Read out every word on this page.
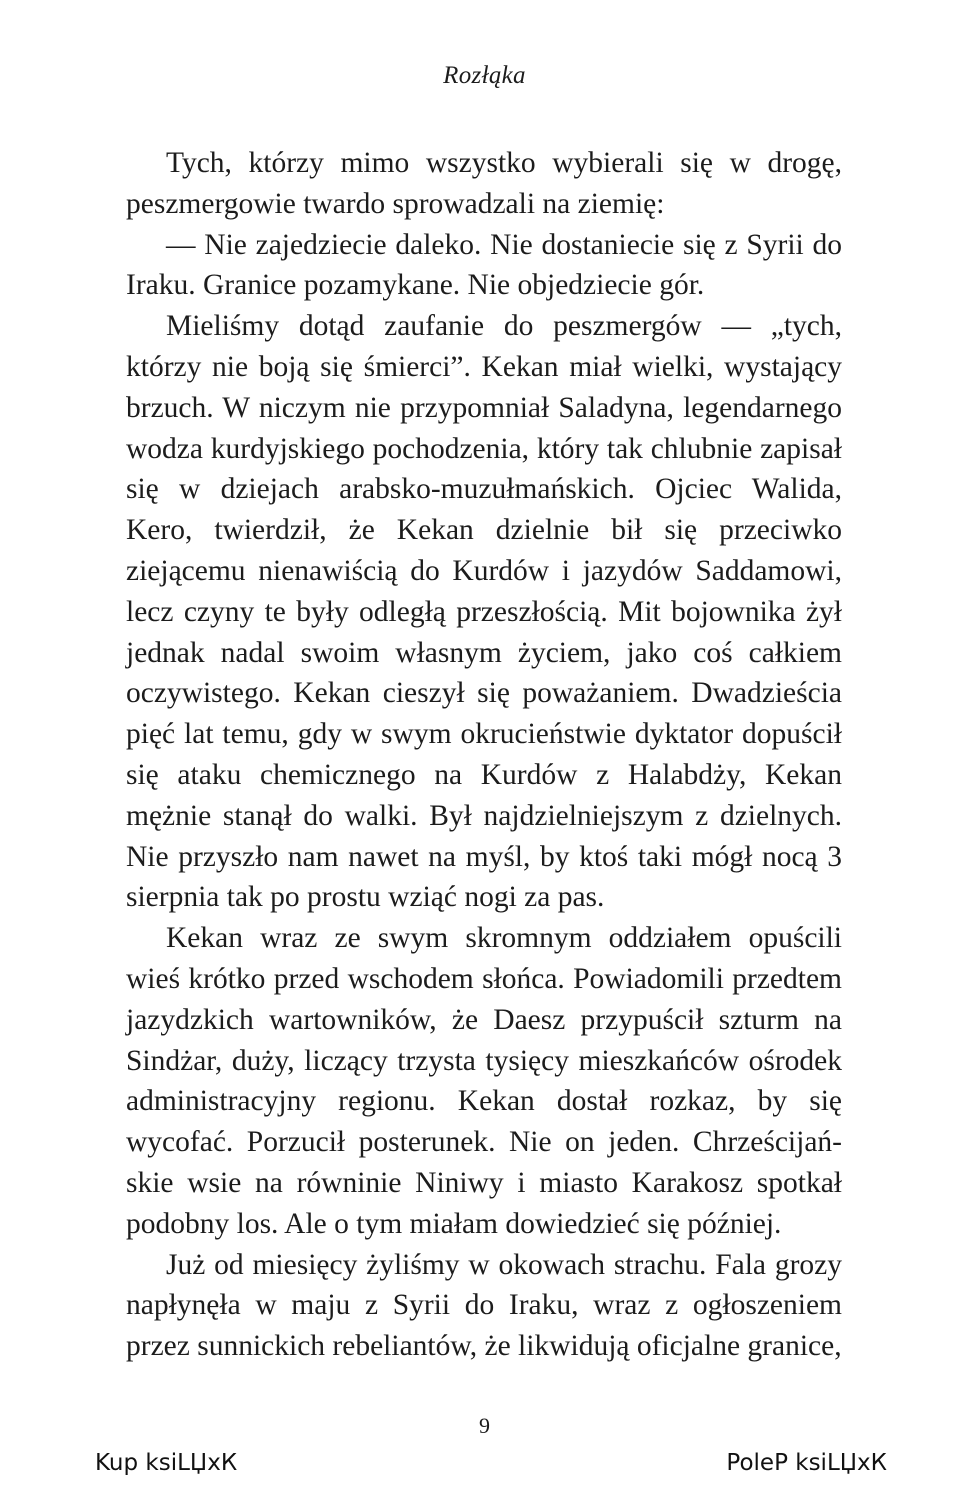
Rozłąka

Tych, którzy mimo wszystko wybierali się w drogę, peszmergowie twardo sprowadzali na ziemię:

— Nie zajedziecie daleko. Nie dostaniecie się z Syrii do Iraku. Granice pozamykane. Nie objedziecie gór.

Mieliśmy dotąd zaufanie do peszmergów — „tych, którzy nie boją się śmierci”. Kekan miał wielki, wystający brzuch. W niczym nie przypomniał Saladyna, legendarnego wodza kurdyjskiego pochodzenia, który tak chlubnie zapisał się w dziejach arabsko-muzułmańskich. Ojciec Walida, Kero, twierdził, że Kekan dzielnie bił się przeciwko ziejącemu nienawiścią do Kurdów i jazydów Saddamowi, lecz czyny te były odległą przeszłością. Mit bojownika żył jednak nadal swoim własnym życiem, jako coś całkiem oczywistego. Kekan cieszył się poważaniem. Dwadzieścia pięć lat temu, gdy w swym okrucieństwie dyktator dopuścił się ataku chemicznego na Kurdów z Halabdży, Kekan mężnie stanął do walki. Był najdzielniejszym z dzielnych. Nie przyszło nam nawet na myśl, by ktoś taki mógł nocą 3 sierpnia tak po prostu wziąć nogi za pas.

Kekan wraz ze swym skromnym oddziałem opuścili wieś krótko przed wschodem słońca. Powiadomili przedtem jazydzkich wartowników, że Daesz przypuścił szturm na Sindżar, duży, liczący trzysta tysięcy mieszkańców ośrodek administracyjny regionu. Kekan dostał rozkaz, by się wycofać. Porzucił posterunek. Nie on jeden. Chrześcijańskie wsie na równinie Niniwy i miasto Karakosz spotkał podobny los. Ale o tym miałam dowiedzieć się później.

Już od miesięcy żyliśmy w okowach strachu. Fala grozy napłynęła w maju z Syrii do Iraku, wraz z ogłoszeniem przez sunnickich rebeliantów, że likwidują oficjalne granice,

9
Kup ksiLЏxК	PoleP ksiLЏxК
